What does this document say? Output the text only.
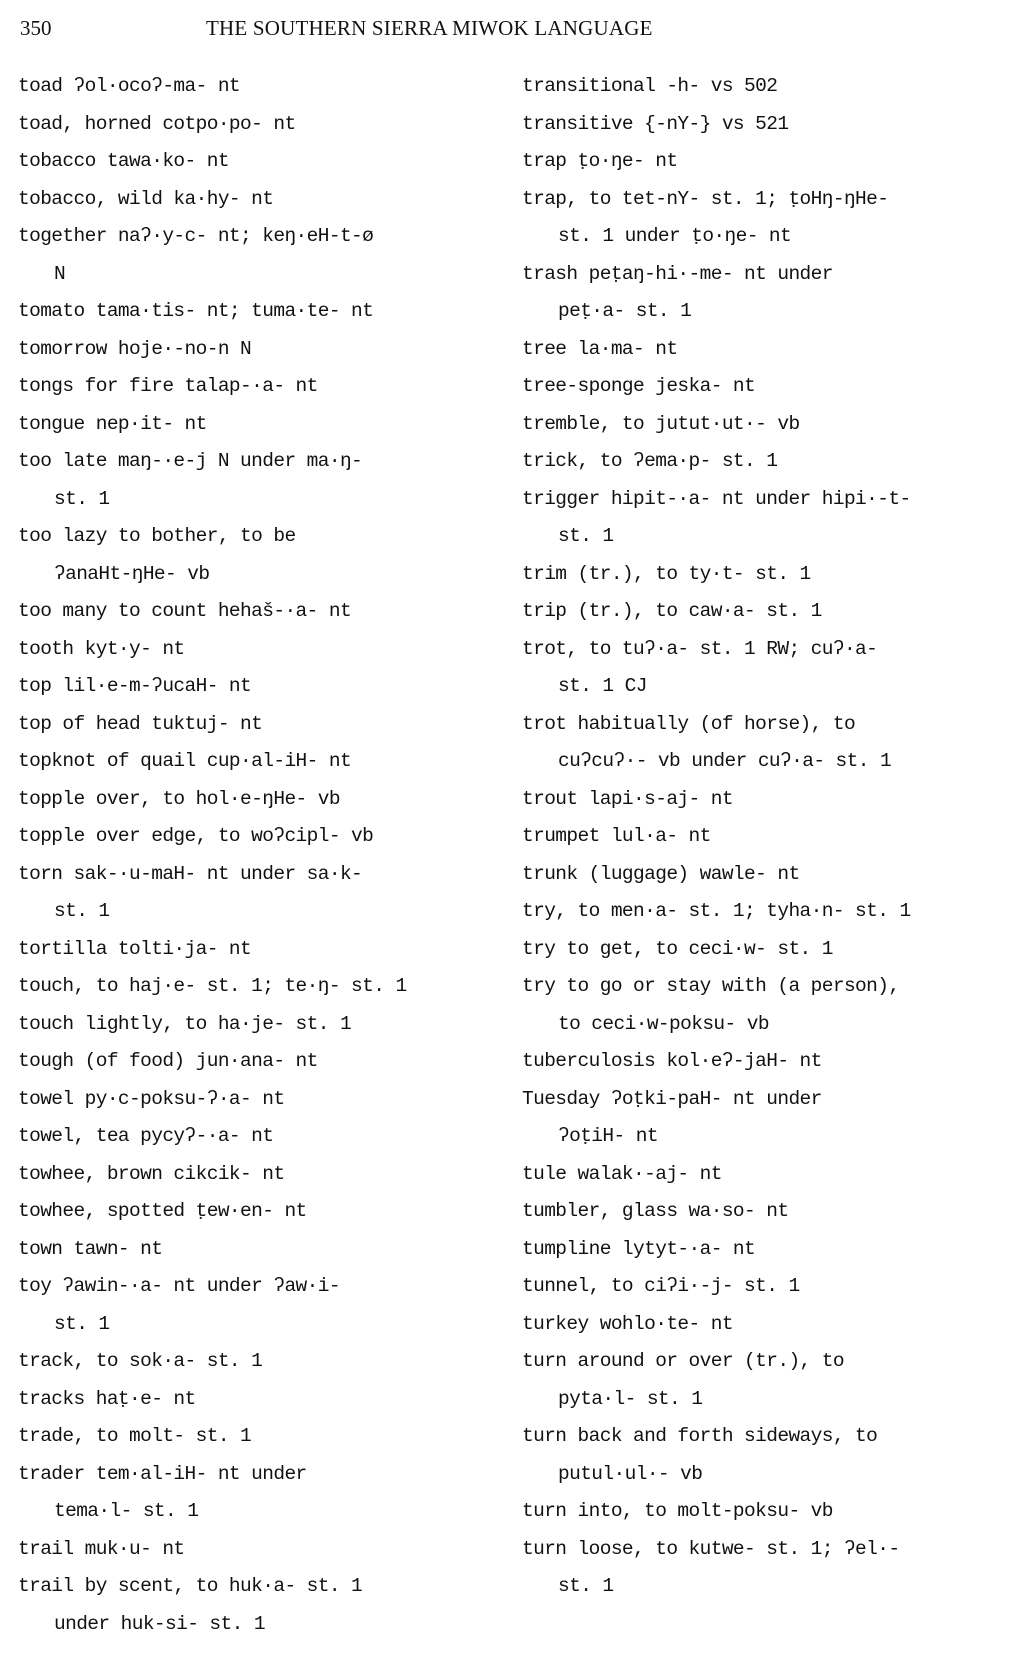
350	THE SOUTHERN SIERRA MIWOK LANGUAGE
toad ʔol·ocoʔ-ma- nt
toad, horned cotpo·po- nt
tobacco tawa·ko- nt
tobacco, wild ka·hy- nt
together naʔ·y-c- nt; keŋ·eH-t-ø
N
tomato tama·tis- nt; tuma·te- nt
tomorrow hoje·-no-n N
tongs for fire talap-·a- nt
tongue nep·it- nt
too late maŋ-·e-j N under ma·ŋ-
st. 1
too lazy to bother, to be
ʔanaHt-ŋHe- vb
too many to count hehaš-·a- nt
tooth kyt·y- nt
top lil·e-m-ʔucaH- nt
top of head tuktuj- nt
topknot of quail cup·al-iH- nt
topple over, to hol·e-ŋHe- vb
topple over edge, to woʔcipl- vb
torn sak-·u-maH- nt under sa·k-
st. 1
tortilla tolti·ja- nt
touch, to haj·e- st. 1; te·ŋ- st. 1
touch lightly, to ha·je- st. 1
tough (of food) jun·ana- nt
towel py·c-poksu-ʔ·a- nt
towel, tea pycyʔ-·a- nt
towhee, brown cikcik- nt
towhee, spotted ṭew·en- nt
town tawn- nt
toy ʔawin-·a- nt under ʔaw·i-
st. 1
track, to sok·a- st. 1
tracks haṭ·e- nt
trade, to molt- st. 1
trader tem·al-iH- nt under
tema·l- st. 1
trail muk·u- nt
trail by scent, to huk·a- st. 1
under huk-si- st. 1
transitional -h- vs 502
transitive {-nY-} vs 521
trap ṭo·ŋe- nt
trap, to tet-nY- st. 1; ṭoHŋ-ŋHe-
st. 1 under ṭo·ŋe- nt
trash peṭaŋ-hi·-me- nt under
peṭ·a- st. 1
tree la·ma- nt
tree-sponge jeska- nt
tremble, to jutut·ut·- vb
trick, to ʔema·p- st. 1
trigger hipit-·a- nt under hipi·-t-
st. 1
trim (tr.), to ty·t- st. 1
trip (tr.), to caw·a- st. 1
trot, to tuʔ·a- st. 1 RW; cuʔ·a-
st. 1 CJ
trot habitually (of horse), to
cuʔcuʔ·- vb under cuʔ·a- st. 1
trout lapi·s-aj- nt
trumpet lul·a- nt
trunk (luggage) wawle- nt
try, to men·a- st. 1; tyha·n- st. 1
try to get, to ceci·w- st. 1
try to go or stay with (a person),
to ceci·w-poksu- vb
tuberculosis kol·eʔ-jaH- nt
Tuesday ʔoṭki-paH- nt under
ʔoṭiH- nt
tule walak·-aj- nt
tumbler, glass wa·so- nt
tumpline lytyt-·a- nt
tunnel, to ciʔi·-j- st. 1
turkey wohlo·te- nt
turn around or over (tr.), to
pyta·l- st. 1
turn back and forth sideways, to
putul·ul·- vb
turn into, to molt-poksu- vb
turn loose, to kutwe- st. 1; ʔel·-
st. 1
